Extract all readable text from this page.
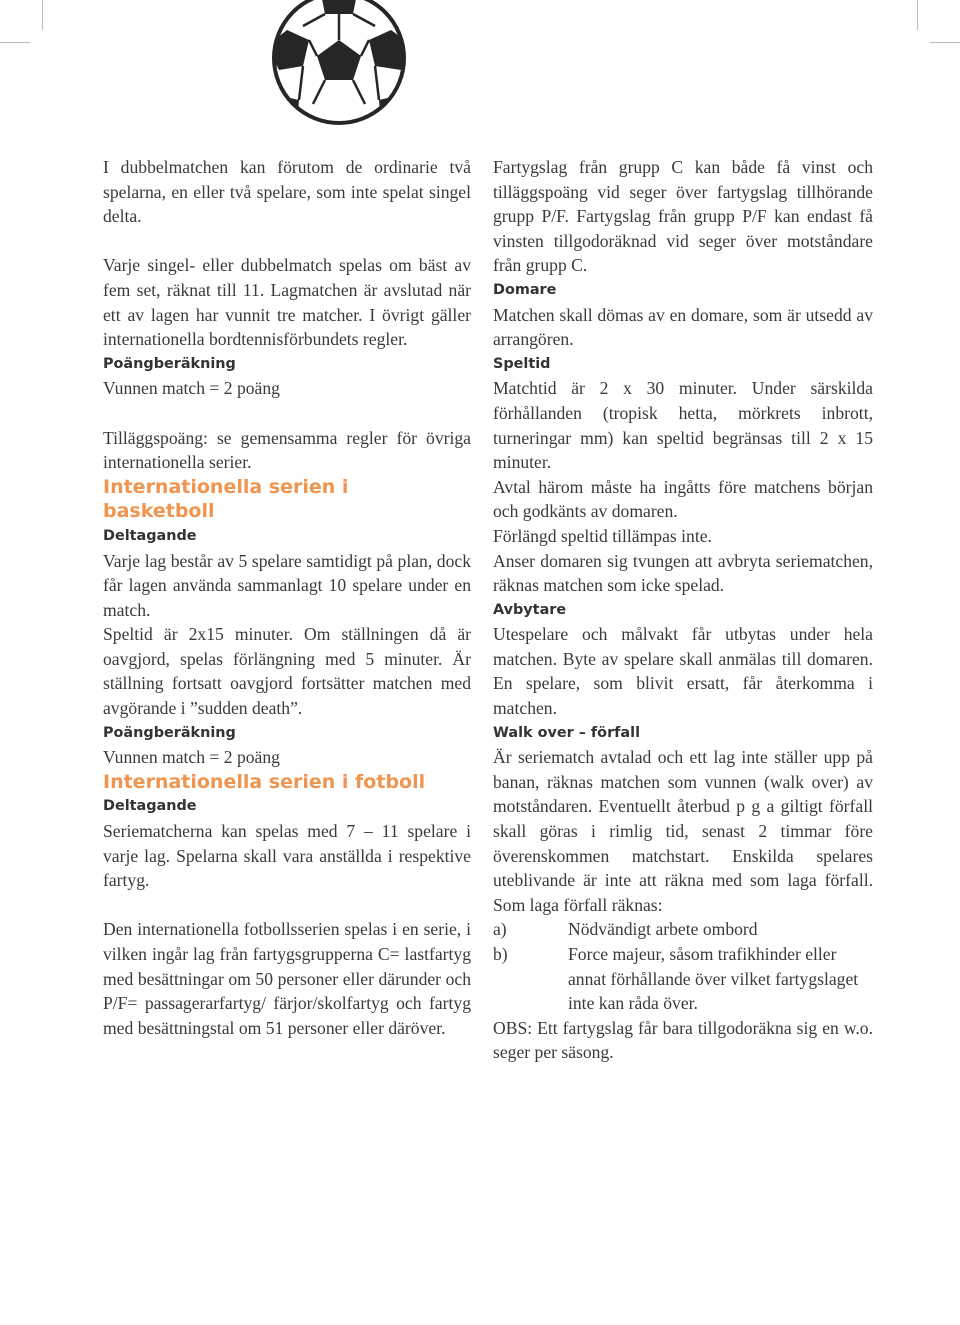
I dubbelmatchen kan förutom de ordinarie två spelarna, en eller två spelare, som inte spelat singel delta.

Varje singel- eller dubbelmatch spelas om bäst av fem set, räknat till 11. Lagmatchen är avslutad när ett av lagen har vunnit tre matcher. I övrigt gäller internationella bordtennisförbundets regler.

Poängberäkning

Vunnen match = 2 poäng

Tilläggspoäng: se gemensamma regler för övriga internationella serier.

Internationella serien i
basketboll
Deltagande

Varje lag består av 5 spelare samtidigt på plan, dock får lagen använda sammanlagt 10 spelare under en match.

Speltid är 2x15 minuter. Om ställningen då är oavgjord, spelas förlängning med 5 minuter. Är ställning fortsatt oavgjord fortsätter matchen med avgörande i ”sudden death”.

Poängberäkning

Vunnen match = 2 poäng

Internationella serien i fotboll
Deltagande

Seriematcherna kan spelas med 7 – 11 spelare i varje lag. Spelarna skall vara anställda i respektive fartyg.

Den internationella fotbollsserien spelas i en serie, i vilken ingår lag från fartygsgrupperna C= lastfartyg med besättningar om 50 personer eller därunder och P/F= passagerarfartyg/ färjor/skolfartyg och fartyg med besättningstal om 51 personer eller däröver.

Fartygslag från grupp C kan både få vinst och tilläggspoäng vid seger över fartygslag tillhörande grupp P/F. Fartygslag från grupp P/F kan endast få vinsten tillgodoräknad vid seger över motståndare från grupp C.

Domare

Matchen skall dömas av en domare, som är utsedd av arrangören.

Speltid

Matchtid är 2 x 30 minuter. Under särskilda förhållanden (tropisk hetta, mörkrets inbrott, turneringar mm) kan speltid begränsas till 2 x 15 minuter.

Avtal härom måste ha ingåtts före matchens början och godkänts av domaren.

Förlängd speltid tillämpas inte.

Anser domaren sig tvungen att avbryta seriematchen, räknas matchen som icke spelad.

Avbytare

Utespelare och målvakt får utbytas under hela matchen. Byte av spelare skall anmälas till domaren. En spelare, som blivit ersatt, får återkomma i matchen.

Walk over – förfall

Är seriematch avtalad och ett lag inte ställer upp på banan, räknas matchen som vunnen (walk over) av motståndaren. Eventuellt återbud p g a giltigt förfall skall göras i rimlig tid, senast 2 timmar före överenskommen matchstart. Enskilda spelares uteblivande är inte att räkna med som laga förfall. Som laga förfall räknas:

a)	Nödvändigt arbete ombord
b)	Force majeur, såsom trafikhinder eller annat förhållande över vilket fartygslaget inte kan råda över.

OBS: Ett fartygslag får bara tillgodoräkna sig en w.o. seger per säsong.
